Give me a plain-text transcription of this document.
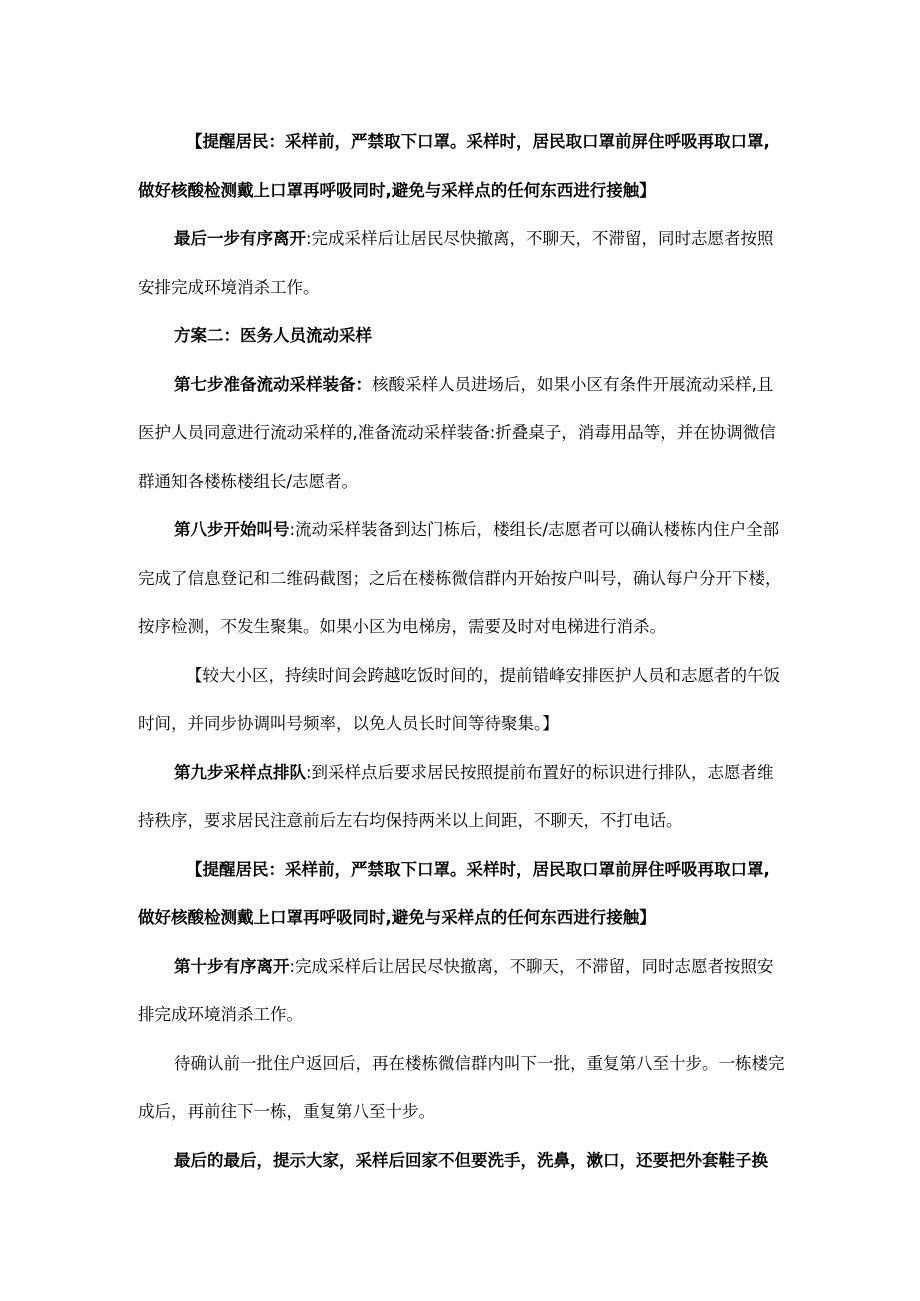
【提醒居民：采样前，严禁取下口罩。采样时，居民取口罩前屏住呼吸再取口罩,做好核酸检测戴上口罩再呼吸同时,避免与采样点的任何东西进行接触】

最后一步有序离开:完成采样后让居民尽快撤离，不聊天，不滞留，同时志愿者按照安排完成环境消杀工作。

方案二：医务人员流动采样

第七步准备流动采样装备：核酸采样人员进场后，如果小区有条件开展流动采样,且医护人员同意进行流动采样的,准备流动采样装备:折叠桌子，消毒用品等，并在协调微信群通知各楼栋楼组长/志愿者。

第八步开始叫号:流动采样装备到达门栋后，楼组长/志愿者可以确认楼栋内住户全部完成了信息登记和二维码截图；之后在楼栋微信群内开始按户叫号，确认每户分开下楼，按序检测，不发生聚集。如果小区为电梯房，需要及时对电梯进行消杀。

【较大小区，持续时间会跨越吃饭时间的，提前错峰安排医护人员和志愿者的午饭时间，并同步协调叫号频率，以免人员长时间等待聚集。】

第九步采样点排队:到采样点后要求居民按照提前布置好的标识进行排队，志愿者维持秩序，要求居民注意前后左右均保持两米以上间距，不聊天，不打电话。

【提醒居民：采样前，严禁取下口罩。采样时，居民取口罩前屏住呼吸再取口罩,做好核酸检测戴上口罩再呼吸同时,避免与采样点的任何东西进行接触】

第十步有序离开:完成采样后让居民尽快撤离，不聊天，不滞留，同时志愿者按照安排完成环境消杀工作。

待确认前一批住户返回后，再在楼栋微信群内叫下一批，重复第八至十步。一栋楼完成后，再前往下一栋，重复第八至十步。

最后的最后，提示大家，采样后回家不但要洗手，洗鼻，漱口，还要把外套鞋子换
